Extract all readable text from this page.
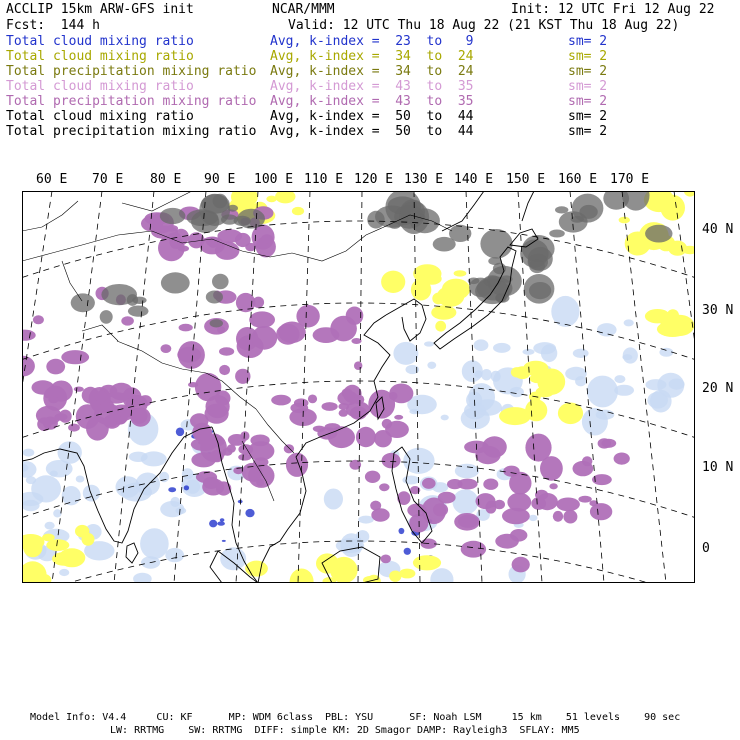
ACCLIP 15km ARW-GFS init	NCAR/MMM	Init: 12 UTC Fri 12 Aug 22
Fcst:  144 h	Valid: 12 UTC Thu 18 Aug 22 (21 KST Thu 18 Aug 22)
Total cloud mixing ratio	Avg, k-index =  23  to   9	sm= 2
Total cloud mixing ratio	Avg, k-index =  34  to  24	sm= 2
Total precipitation mixing ratio Avg, k-index =  34  to  24	sm= 2
Total cloud mixing ratio	Avg, k-index =  43  to  35	sm= 2
Total precipitation mixing ratio Avg, k-index =  43  to  35	sm= 2
Total cloud mixing ratio	Avg, k-index =  50  to  44	sm= 2
Total precipitation mixing ratio Avg, k-index =  50  to  44	sm= 2
60 E 70 E 80 E 90 E 100 E 110 E 120 E 130 E 140 E 150 E 160 E 170 E
40 N
30 N
20 N
10 N
0
Model Info: V4.4     CU: KF      MP: WDM 6class  PBL: YSU      SF: Noah LSM     15 km    51 levels    90 sec
LW: RRTMG    SW: RRTMG  DIFF: simple KM: 2D Smagor DAMP: Rayleigh3  SFLAY: MM5
